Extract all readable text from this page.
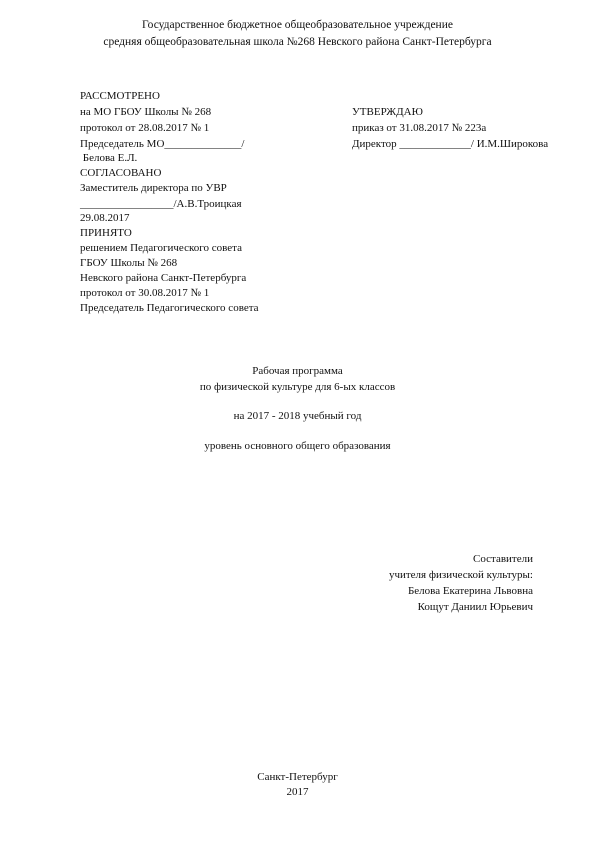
Государственное бюджетное общеобразовательное учреждение
средняя общеобразовательная школа №268 Невского района Санкт-Петербурга
РАССМОТРЕНО
на МО ГБОУ Школы № 268
протокол от 28.08.2017 № 1
Председатель МО______________/
Белова Е.Л.
СОГЛАСОВАНО
Заместитель директора по УВР
_________________/А.В.Троицкая
29.08.2017
ПРИНЯТО
решением Педагогического совета
ГБОУ Школы № 268
Невского района Санкт-Петербурга
протокол от 30.08.2017 № 1
Председатель Педагогического совета
УТВЕРЖДАЮ
приказ от 31.08.2017 № 223а
Директор _____________/ И.М.Широкова
Рабочая программа
по физической культуре для 6-ых классов
на 2017 - 2018 учебный год
уровень основного общего образования
Составители
учителя физической культуры:
Белова Екатерина Львовна
Кощут Даниил Юрьевич
Санкт-Петербург
2017
